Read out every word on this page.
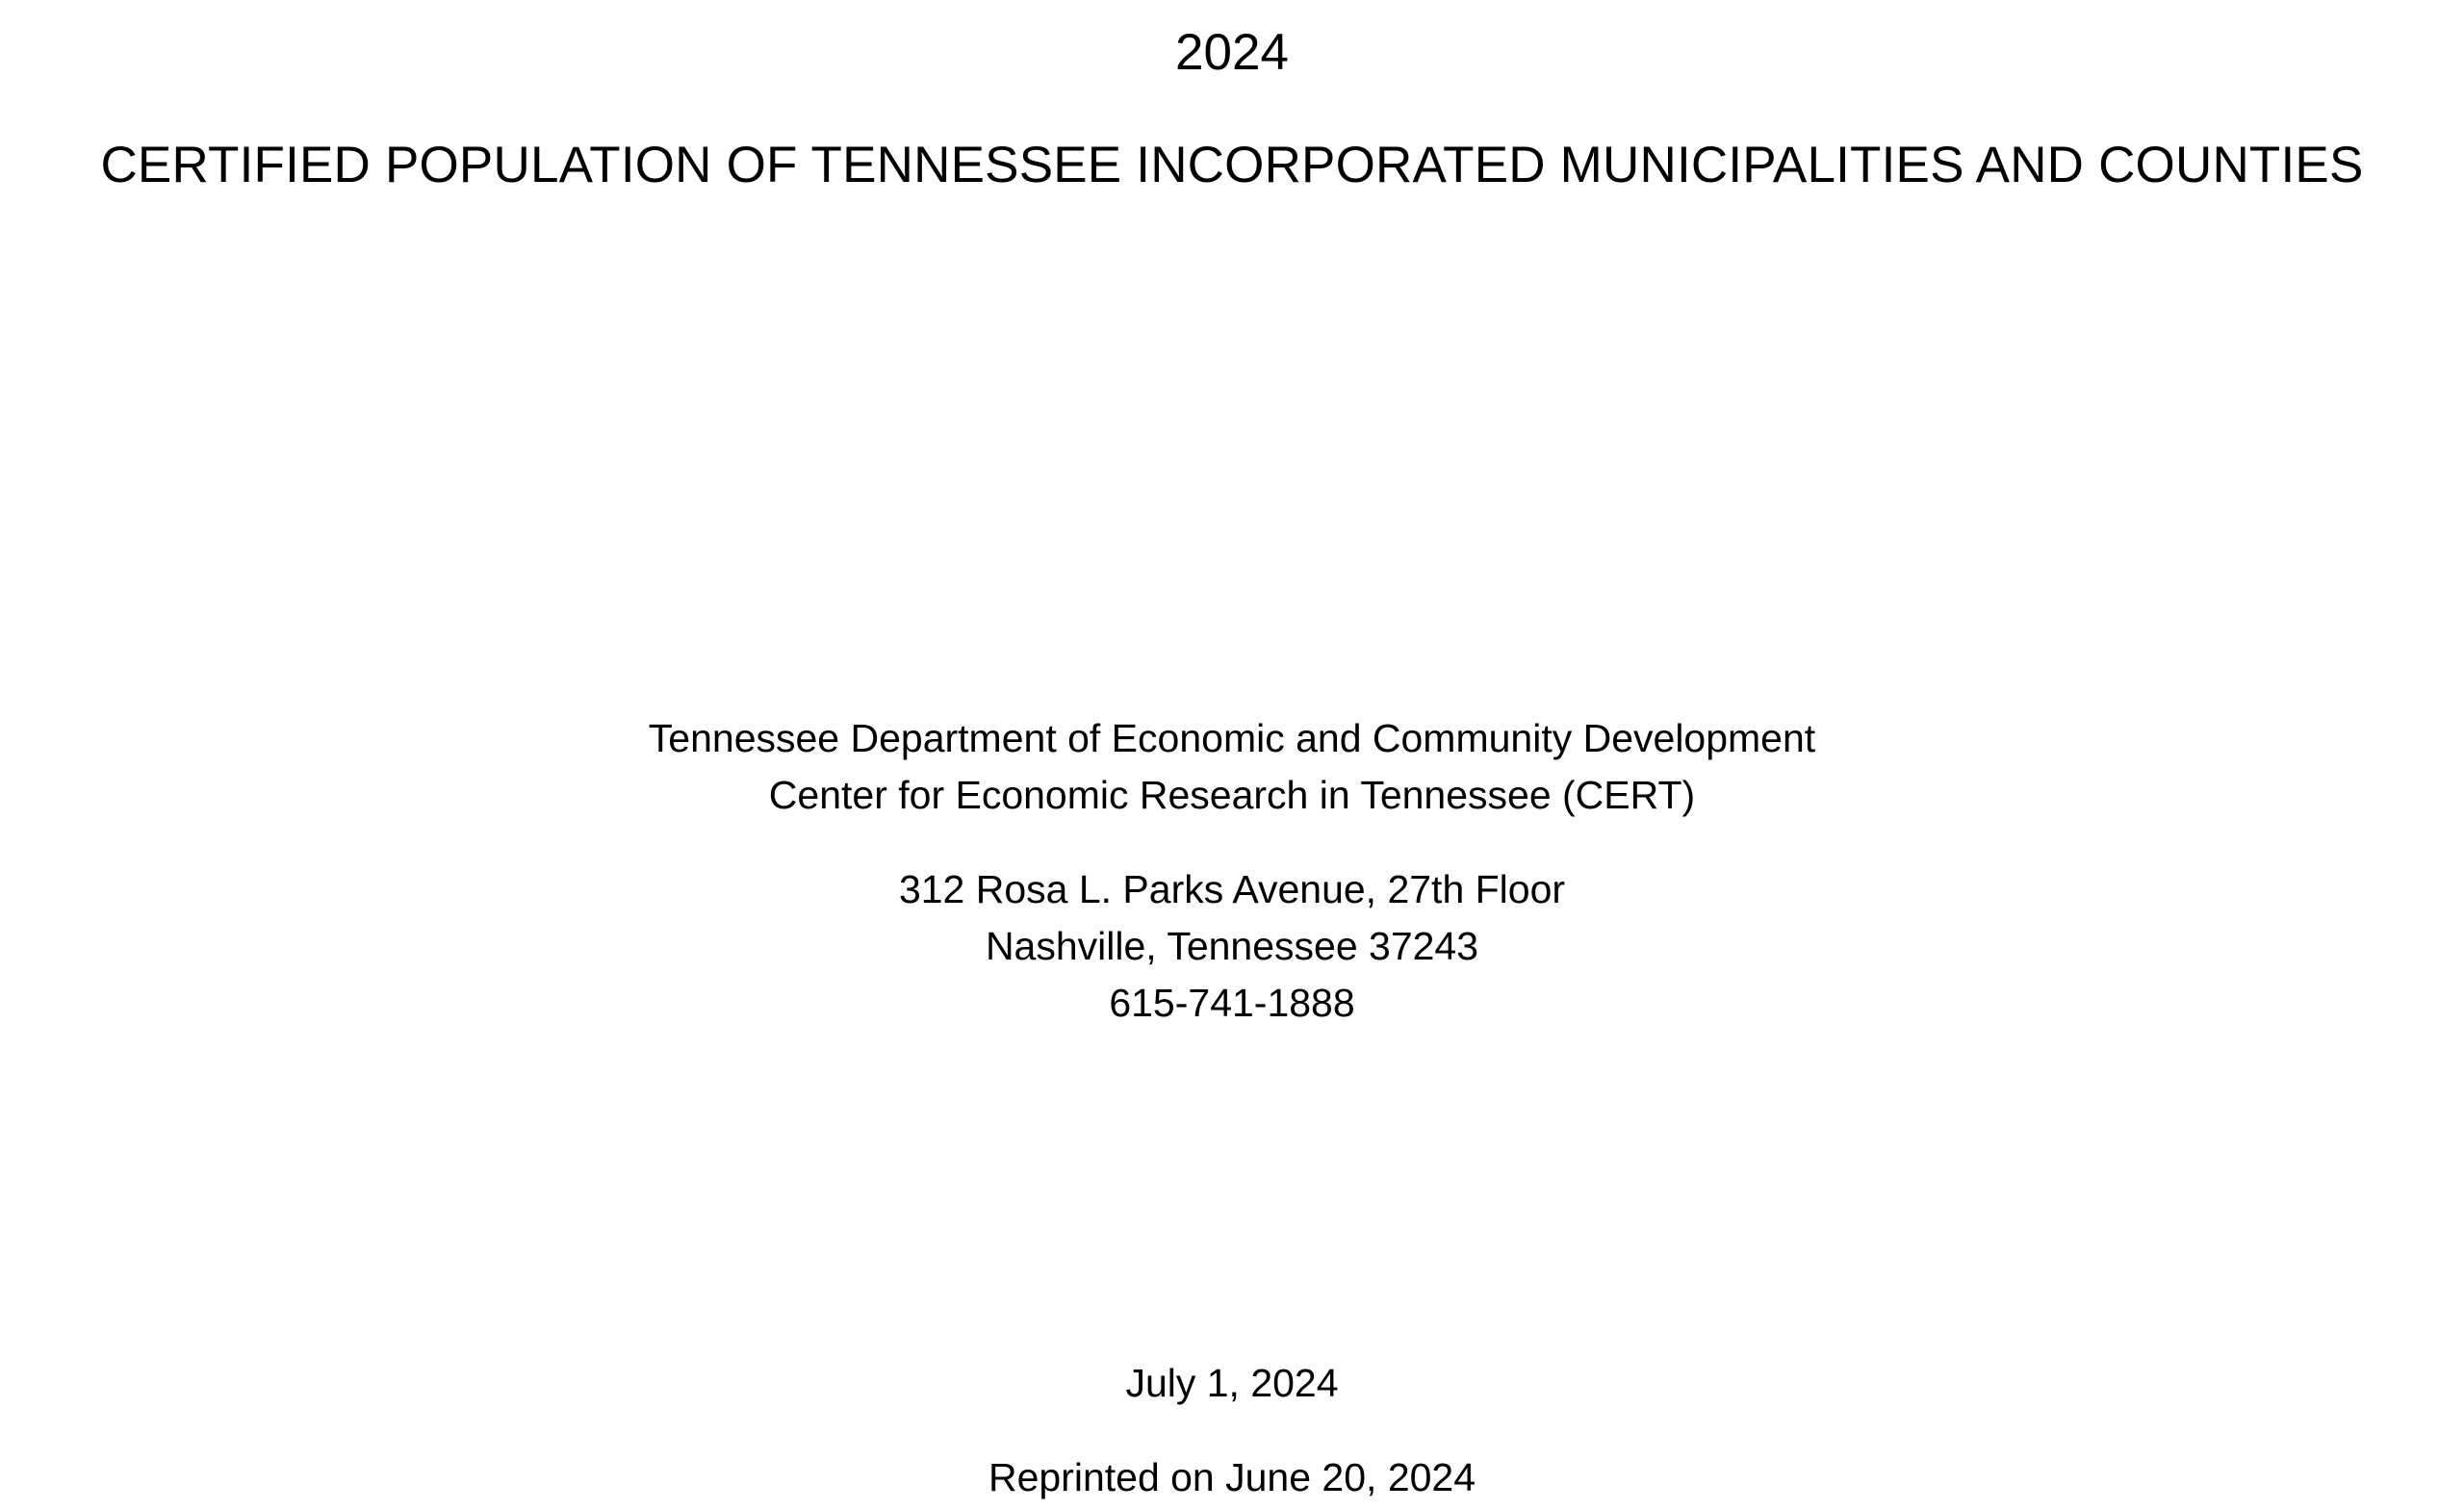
2024
CERTIFIED POPULATION OF TENNESSEE INCORPORATED MUNICIPALITIES AND COUNTIES
Tennessee Department of Economic and Community Development
Center for Economic Research in Tennessee (CERT)
312 Rosa L. Parks Avenue, 27th Floor
Nashville, Tennessee 37243
615-741-1888
July 1, 2024
Reprinted on June 20, 2024
